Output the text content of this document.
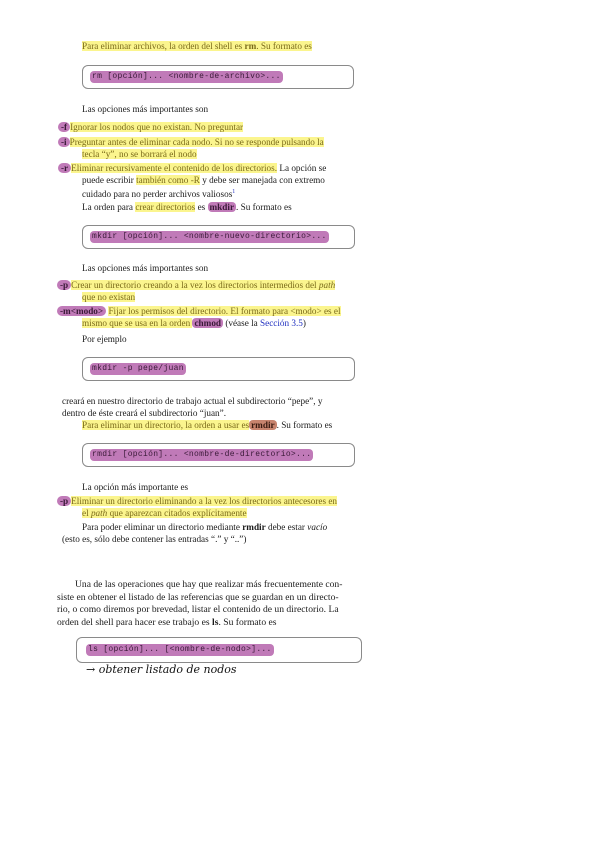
Para eliminar archivos, la orden del shell es rm. Su formato es
rm [opción]... <nombre-de-archivo>...
Las opciones más importantes son
-f Ignorar los nodos que no existan. No preguntar
-i Preguntar antes de eliminar cada nodo. Si no se responde pulsando la
tecla “y”, no se borrará el nodo
-r Eliminar recursivamente el contenido de los directorios. La opción se
puede escribir también como -R y debe ser manejada con extremo
cuidado para no perder archivos valiosos$^1$
La orden para crear directorios es mkdir . Su formato es
mkdir [opción]... <nombre-nuevo-directorio>...
Las opciones más importantes son
-p Crear un directorio creando a la vez los directorios intermedios del path
que no existan
-m<modo> Fijar los permisos del directorio. El formato para <modo> es el
mismo que se usa en la orden chmod (véase la Sección 3.5)
Por ejemplo
mkdir -p pepe/juan
creará en nuestro directorio de trabajo actual el subdirectorio “pepe”, y
dentro de éste creará el subdirectorio “juan”.
Para eliminar un directorio, la orden a usar es rmdir . Su formato es
rmdir [opción]... <nombre-de-directorio>...
La opción más importante es
-p Eliminar un directorio eliminando a la vez los directorios antecesores en
el path que aparezcan citados explícitamente
Para poder eliminar un directorio mediante rmdir debe estar vacío
(esto es, sólo debe contener las entradas “.” y “..”)
Una de las operaciones que hay que realizar más frecuentemente con-
siste en obtener el listado de las referencias que se guardan en un directo-
rio, o como diremos por brevedad, listar el contenido de un directorio. La
orden del shell para hacer ese trabajo es ls. Su formato es
ls [opción]... [<nombre-de-nodo>]...
→ obtener listado de nodos
